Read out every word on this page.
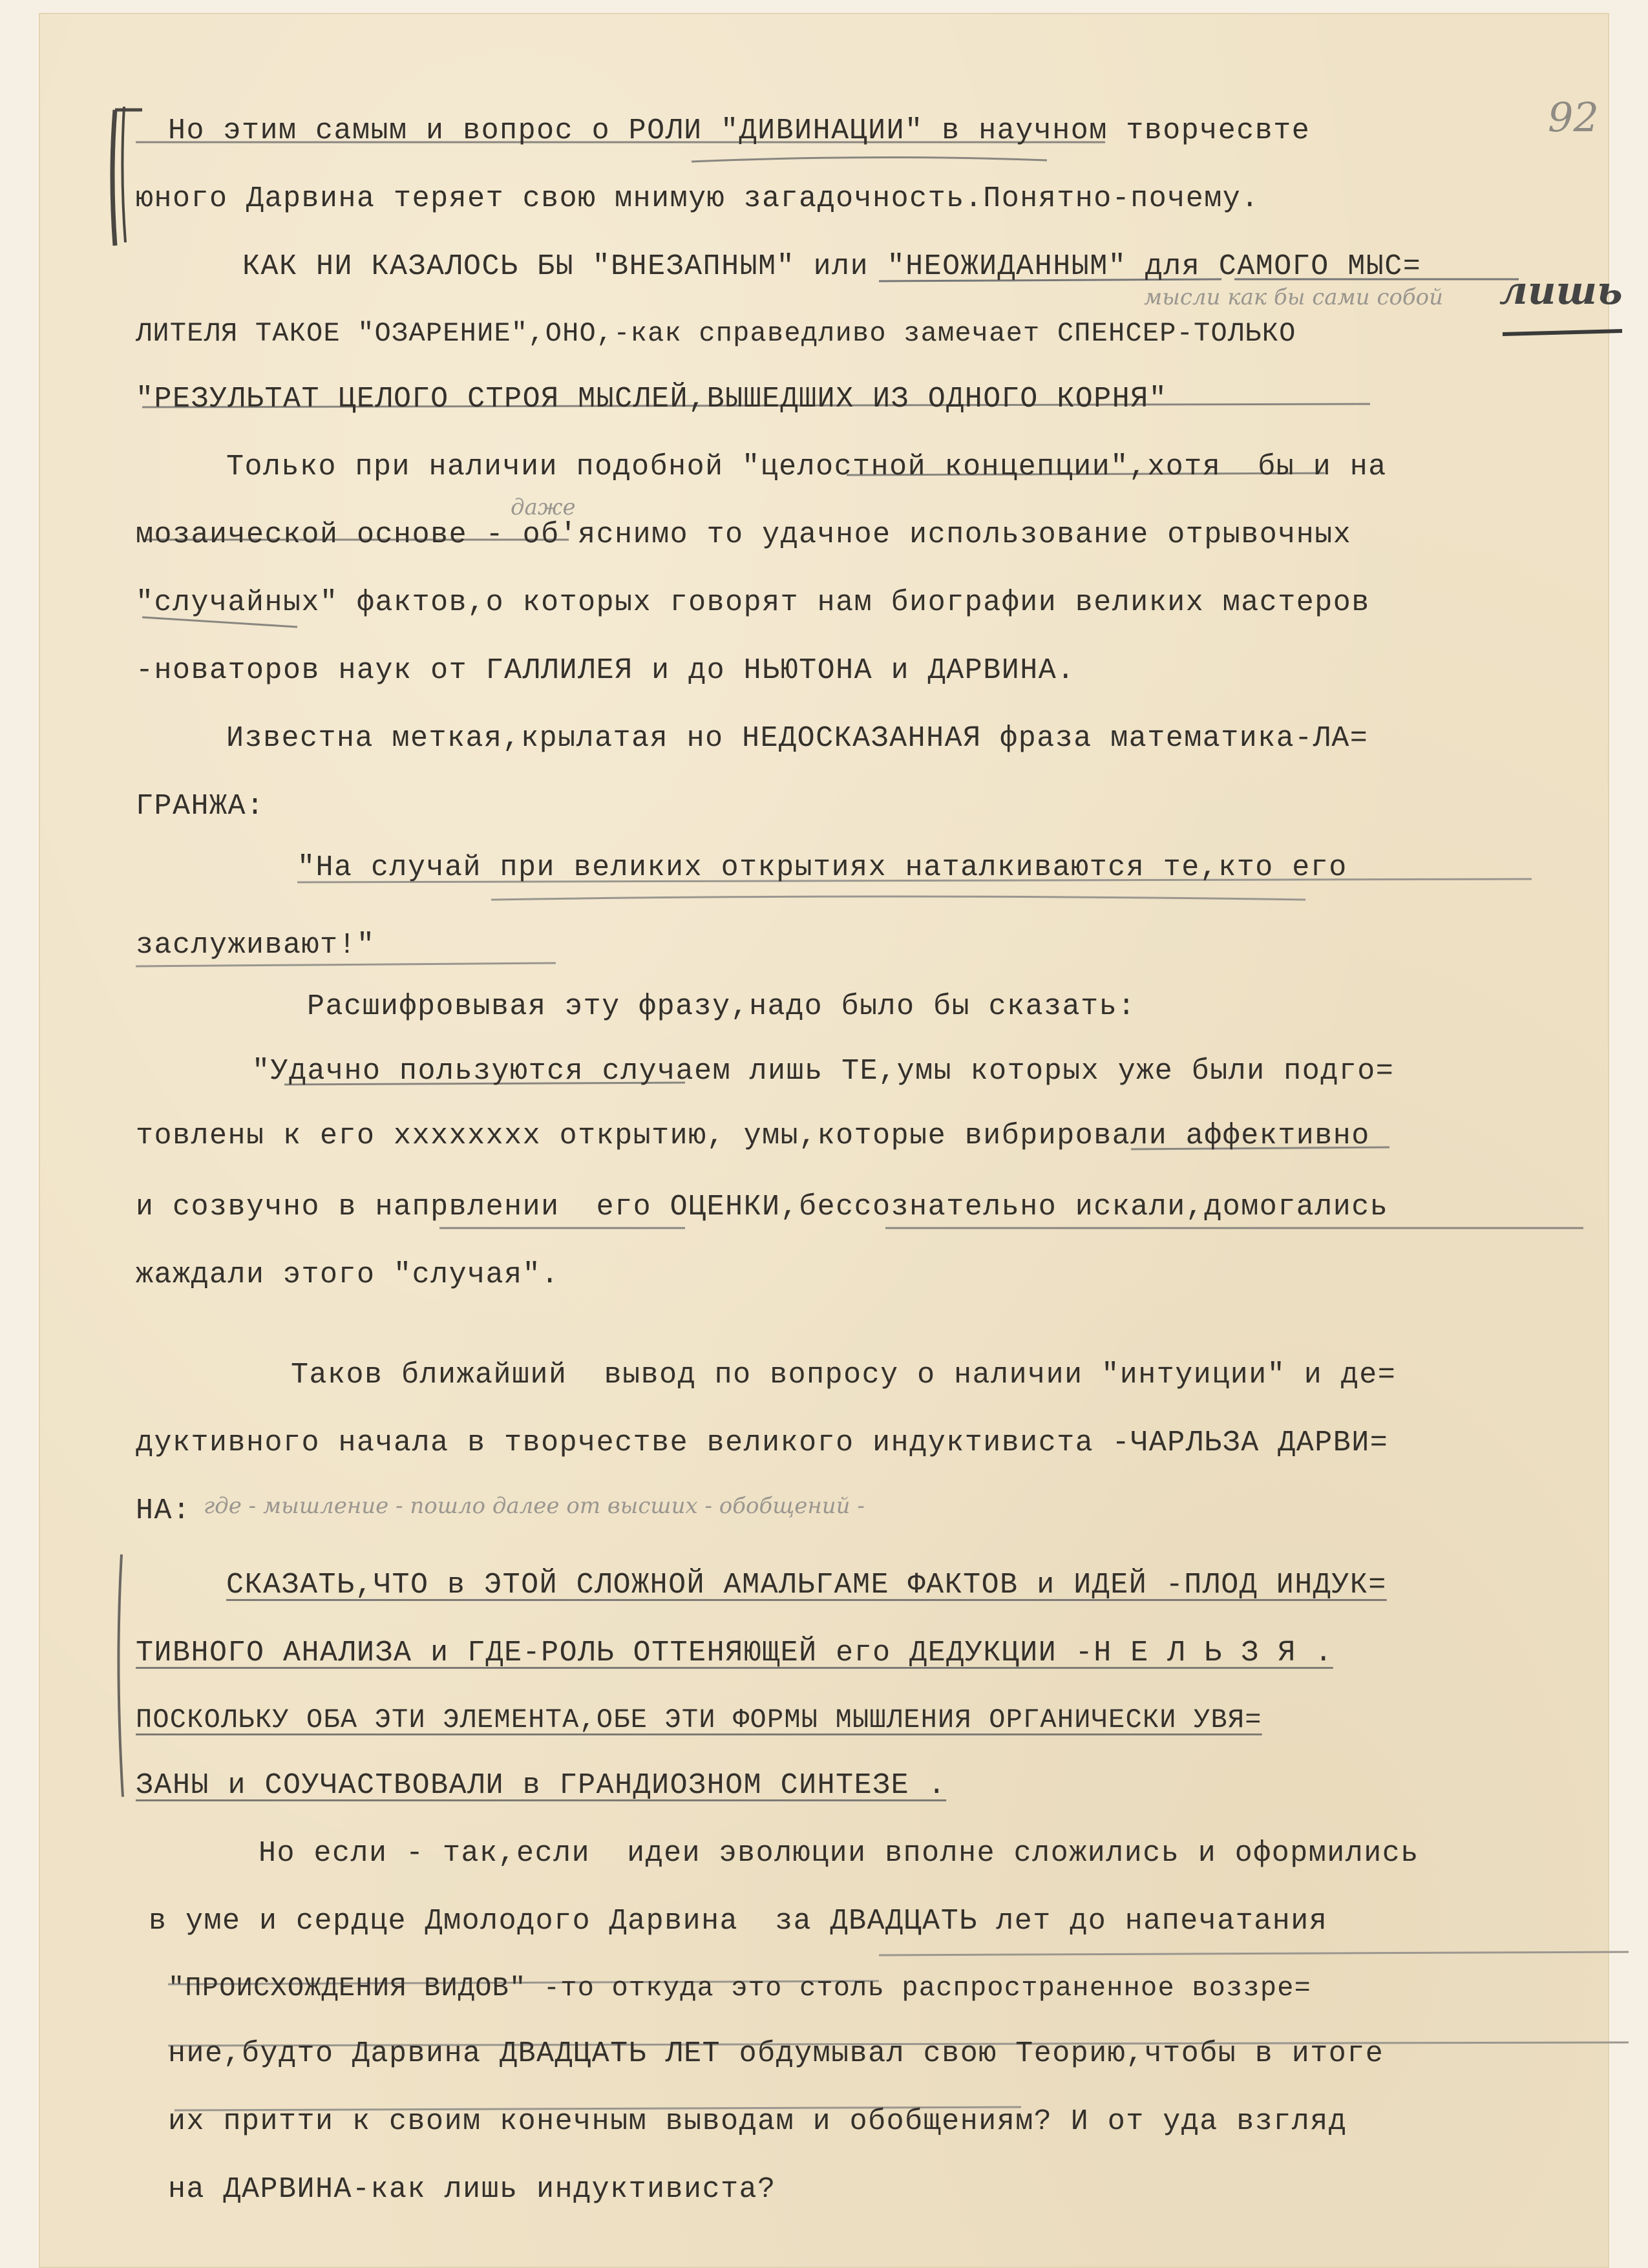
92
мысли как бы сами собой лишь
даже
Но этим самым и вопрос о РОЛИ "ДИВИНАЦИИ" в научном творчесвте
юного Дарвина теряет свою мнимую загадочность.Понятно-почему.
КАК НИ КАЗАЛОСЬ БЫ "ВНЕЗАПНЫМ" или "НЕОЖИДАННЫМ" для САМОГО МЫС=
ЛИТЕЛЯ ТАКОЕ "ОЗАРЕНИЕ",ОНО,-как справедливо замечает СПЕНСЕР-ТОЛЬКО
"РЕЗУЛЬТАТ ЦЕЛОГО СТРОЯ МЫСЛЕЙ,ВЫШЕДШИХ ИЗ ОДНОГО КОРНЯ"
Только при наличии подобной "целостной концепции",хотя  бы и на
мозаической основе - об'яснимо то удачное использование отрывочных
"случайных" фактов,о которых говорят нам биографии великих мастеров
-новаторов наук от ГАЛЛИЛЕЯ и до НЬЮТОНА и ДАРВИНА.
Известна меткая,крылатая но НЕДОСКАЗАННАЯ фраза математика-ЛА=
ГРАНЖА:
"На случай при великих открытиях наталкиваются те,кто его
заслуживают!"
Расшифровывая эту фразу,надо было бы сказать:
"Удачно пользуются случаем лишь ТЕ,умы которых уже были подго=
товлены к его хххххххх открытию, умы,которые вибрировали аффективно
и созвучно в напрвлении  его ОЦЕНКИ,бессознательно искали,домогались
жаждали этого "случая".
Таков ближайший  вывод по вопросу о наличии "интуиции" и де=
дуктивного начала в творчестве великого индуктивиста -ЧАРЛЬЗА ДАРВИ=
НА: где - мышление - пошло далее от высших - обобщений -
СКАЗАТЬ,ЧТО в ЭТОЙ СЛОЖНОЙ АМАЛЬГАМЕ ФАКТОВ и ИДЕЙ -ПЛОД ИНДУК=
ТИВНОГО АНАЛИЗА и ГДЕ-РОЛЬ ОТТЕНЯЮЩЕЙ его ДЕДУКЦИИ -Н Е Л Ь З Я .
ПОСКОЛЬКУ ОБА ЭТИ ЭЛЕМЕНТА,ОБЕ ЭТИ ФОРМЫ МЫШЛЕНИЯ ОРГАНИЧЕСКИ УВЯ=
ЗАНЫ и СОУЧАСТВОВАЛИ в ГРАНДИОЗНОМ СИНТЕЗЕ .
Но если - так,если  идеи эволюции вполне сложились и оформились
в уме и сердце Дмолодого Дарвина  за ДВАДЦАТЬ лет до напечатания
"ПРОИСХОЖДЕНИЯ ВИДОВ" -то откуда это столь распространенное воззре=
ние,будто Дарвина ДВАДЦАТЬ ЛЕТ обдумывал свою Теорию,чтобы в итоге
их притти к своим конечным выводам и обобщениям? И от уда взгляд
на ДАРВИНА-как лишь индуктивиста?
